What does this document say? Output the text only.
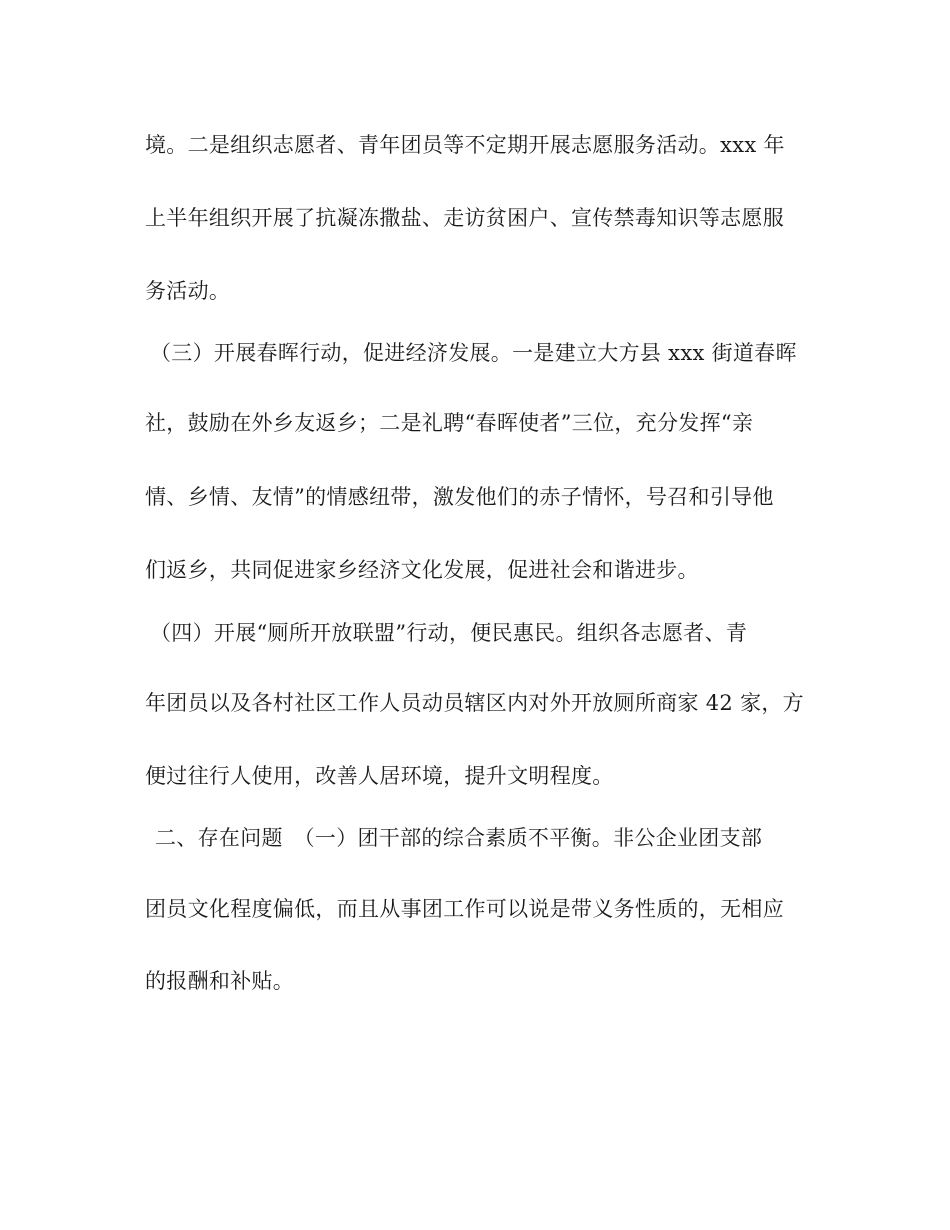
境。二是组织志愿者、青年团员等不定期开展志愿服务活动。xxx 年
上半年组织开展了抗凝冻撒盐、走访贫困户、宣传禁毒知识等志愿服
务活动。
（三）开展春晖行动，促进经济发展。一是建立大方县 xxx 街道春晖
社，鼓励在外乡友返乡；二是礼聘“春晖使者”三位，充分发挥“亲
情、乡情、友情”的情感纽带，激发他们的赤子情怀，号召和引导他
们返乡，共同促进家乡经济文化发展，促进社会和谐进步。
（四）开展“厕所开放联盟”行动，便民惠民。组织各志愿者、青
年团员以及各村社区工作人员动员辖区内对外开放厕所商家 42 家，方
便过往行人使用，改善人居环境，提升文明程度。
二、存在问题　（一）团干部的综合素质不平衡。非公企业团支部
团员文化程度偏低，而且从事团工作可以说是带义务性质的，无相应
的报酬和补贴。
